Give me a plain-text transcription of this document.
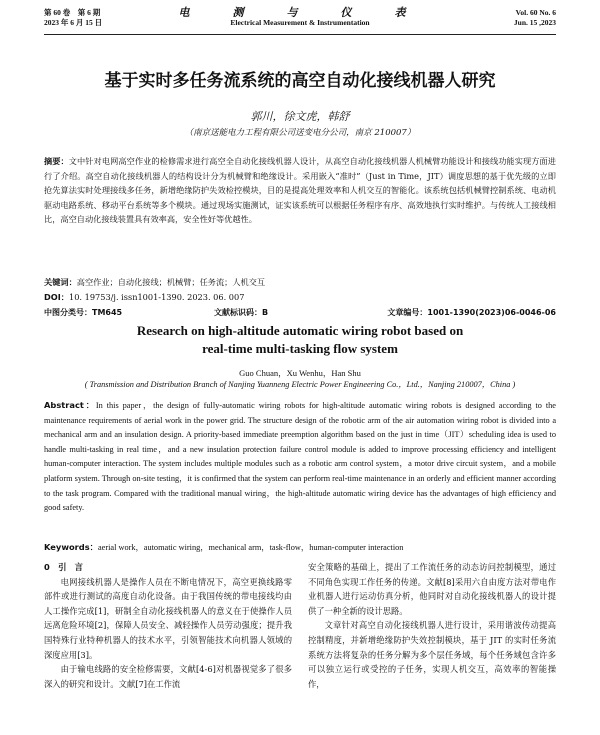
第 60 卷　第 6 期
2023 年 6 月 15 日
电　测　与　仪　表
Electrical Measurement & Instrumentation
Vol. 60 No. 6
Jun. 15 ,2023
基于实时多任务流系统的高空自动化接线机器人研究
郭川，徐文虎，韩舒
（南京送能电力工程有限公司送变电分公司，南京 210007）
摘要：文中针对电网高空作业的检修需求进行高空全自动化接线机器人设计，从高空自动化接线机器人机械臂功能设计和接线功能实现方面进行了介绍。高空自动化接线机器人的结构设计分为机械臂和绝缘设计。采用嵌入“准时”（Just in Time，JIT）调度思想的基于优先级的立即抢先算法实时处理接线多任务，新增绝缘防护失效检控模块，目的是提高处理效率和人机交互的智能化。该系统包括机械臂控制系统、电动机驱动电路系统、移动平台系统等多个模块。通过现场实施测试，证实该系统可以根据任务程序有序、高效地执行实时维护。与传统人工接线相比，高空自动化接线装置具有效率高，安全性好等优越性。
关键词：高空作业；自动化接线；机械臂；任务流；人机交互
DOI：10. 19753/j. issn1001-1390. 2023. 06. 007
中图分类号：TM645	文献标识码：B	文章编号：1001-1390(2023)06-0046-06
Research on high-altitude automatic wiring robot based on
real-time multi-tasking flow system
Guo Chuan，Xu Wenhu，Han Shu
( Transmission and Distribution Branch of Nanjing Yuanneng Electric Power Engineering Co.，Ltd.，Nanjing 210007，China )
Abstract：In this paper，the design of fully-automatic wiring robots for high-altitude automatic wiring robots is designed according to the maintenance requirements of aerial work in the power grid. The structure design of the robotic arm of the air automation wiring robot is divided into a mechanical arm and an insulation design. A priority-based immediate preemption algorithm based on the just in time（JIT）scheduling idea is used to handle multi-tasking in real time，and a new insulation protection failure control module is added to improve processing efficiency and intelligent human-computer interaction. The system includes multiple modules such as a robotic arm control system，a motor drive circuit system，and a mobile platform system. Through on-site testing，it is confirmed that the system can perform real-time maintenance in an orderly and efficient manner according to the task program. Compared with the traditional manual wiring，the high-altitude automatic wiring device has the advantages of high efficiency and good safety.
Keywords：aerial work，automatic wiring，mechanical arm，task-flow，human-computer interaction
0　引　言

电网接线机器人是操作人员在不断电情况下，高空更换线路零部件或进行测试的高度自动化设备。由于我国传统的带电接线均由人工操作完成[1]，研制全自动化接线机器人的意义在于使操作人员远离危险环境[2]，保障人员安全、减轻操作人员劳动强度；提升我国特殊行业特种机器人的技术水平，引领智能技术向机器人领域的深度应用[3]。

由于输电线路的安全检修需要，文献[4-6]对机器视觉多了很多深入的研究和设计。文献[7]在工作流

安全策略的基础上，提出了工作流任务的动态访问控制模型，通过不同角色实现工作任务的传递。文献[8]采用六自由度方法对带电作业机器人进行运动仿真分析，他同时对自动化接线机器人的设计提供了一种全新的设计思路。

文章针对高空自动化接线机器人进行设计，采用谐波传动提高控制精度，并新增绝缘防护失效控制模块，基于 JIT 的实时任务流系统方法将复杂的任务分解为多个层任务域，每个任务域包含许多可以独立运行或受控的子任务，实现人机交互，高效率的智能操作，
